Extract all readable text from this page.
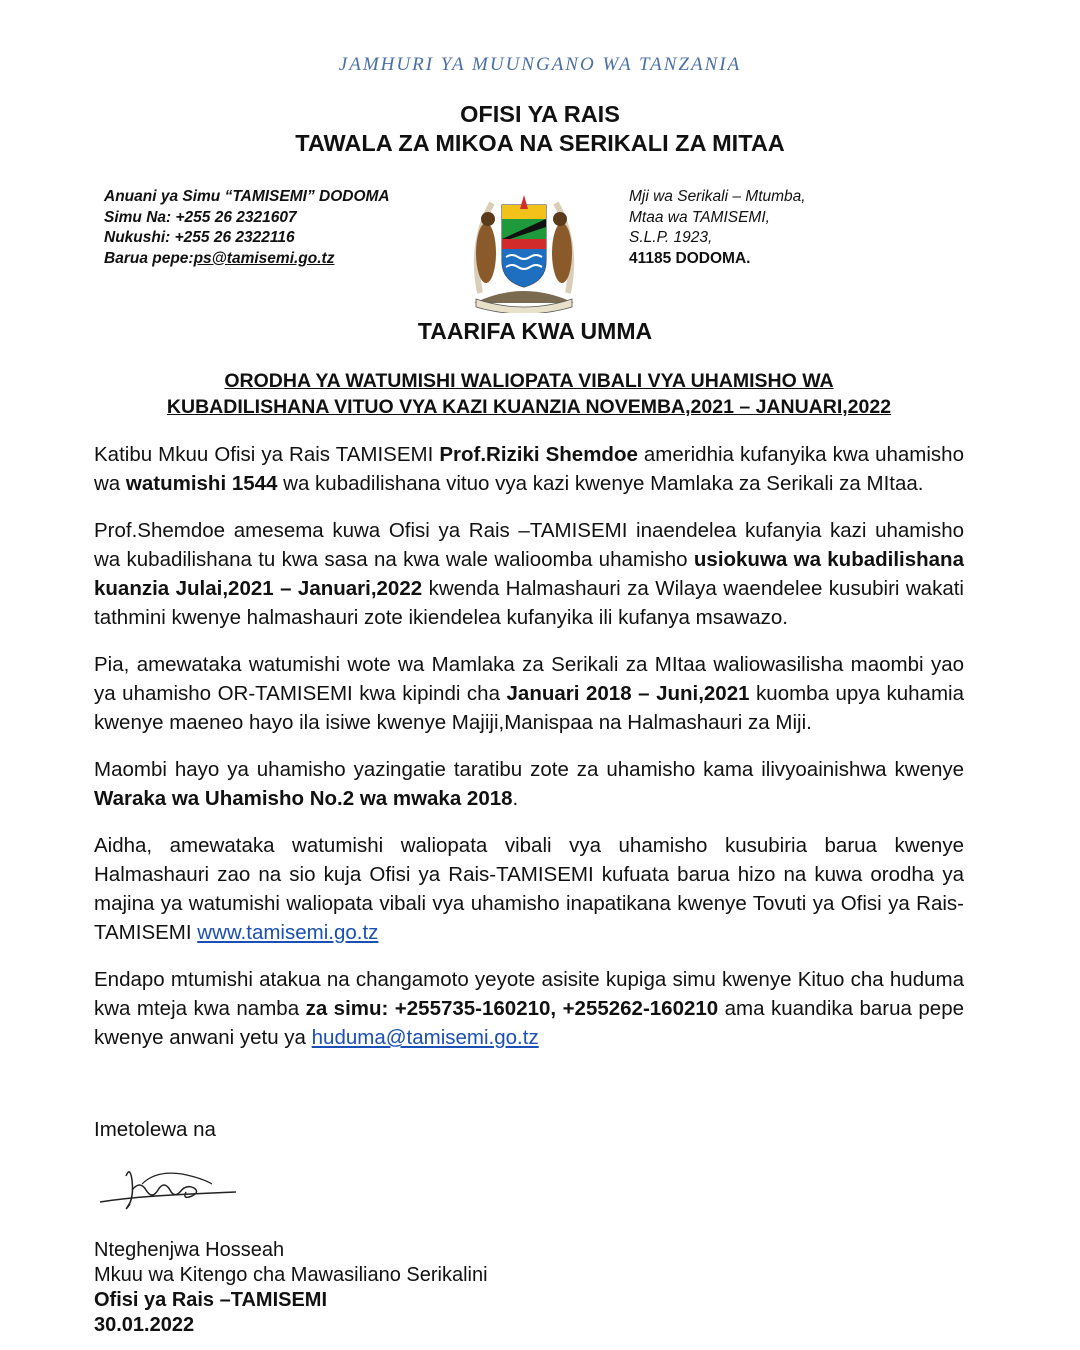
JAMHURI YA MUUNGANO WA TANZANIA
OFISI YA RAIS
TAWALA ZA MIKOA NA SERIKALI ZA MITAA
Anuani ya Simu “TAMISEMI” DODOMA
Simu Na: +255 26 2321607
Nukushi: +255 26 2322116
Barua pepe:ps@tamisemi.go.tz
Mji wa Serikali – Mtumba,
Mtaa wa TAMISEMI,
S.L.P. 1923,
41185 DODOMA.
TAARIFA KWA UMMA
ORODHA YA WATUMISHI WALIOPATA VIBALI VYA UHAMISHO WA
KUBADILISHANA VITUO VYA KAZI KUANZIA NOVEMBA,2021 – JANUARI,2022

Katibu Mkuu Ofisi ya Rais TAMISEMI Prof.Riziki Shemdoe ameridhia kufanyika kwa uhamisho wa watumishi 1544 wa kubadilishana vituo vya kazi kwenye Mamlaka za Serikali za MItaa.

Prof.Shemdoe amesema kuwa Ofisi ya Rais –TAMISEMI inaendelea kufanyia kazi uhamisho wa kubadilishana tu kwa sasa na kwa wale walioomba uhamisho usiokuwa wa kubadilishana kuanzia Julai,2021 – Januari,2022 kwenda Halmashauri za Wilaya waendelee kusubiri wakati tathmini kwenye halmashauri zote ikiendelea kufanyika ili kufanya msawazo.

Pia, amewataka watumishi wote wa Mamlaka za Serikali za MItaa waliowasilisha maombi yao ya uhamisho OR-TAMISEMI kwa kipindi cha Januari 2018 – Juni,2021 kuomba upya kuhamia kwenye maeneo hayo ila isiwe kwenye Majiji,Manispaa na Halmashauri za Miji.

Maombi hayo ya uhamisho yazingatie taratibu zote za uhamisho kama ilivyoainishwa kwenye Waraka wa Uhamisho No.2 wa mwaka 2018.

Aidha, amewataka watumishi waliopata vibali vya uhamisho kusubiria barua kwenye Halmashauri zao na sio kuja Ofisi ya Rais-TAMISEMI kufuata barua hizo na kuwa orodha ya majina ya watumishi waliopata vibali vya uhamisho inapatikana kwenye Tovuti ya Ofisi ya Rais-TAMISEMI www.tamisemi.go.tz

Endapo mtumishi atakua na changamoto yeyote asisite kupiga simu kwenye Kituo cha huduma kwa mteja kwa namba za simu: +255735-160210, +255262-160210 ama kuandika barua pepe kwenye anwani yetu ya huduma@tamisemi.go.tz

Imetolewa na
Nteghenjwa Hosseah
Mkuu wa Kitengo cha Mawasiliano Serikalini
Ofisi ya Rais –TAMISEMI
30.01.2022
